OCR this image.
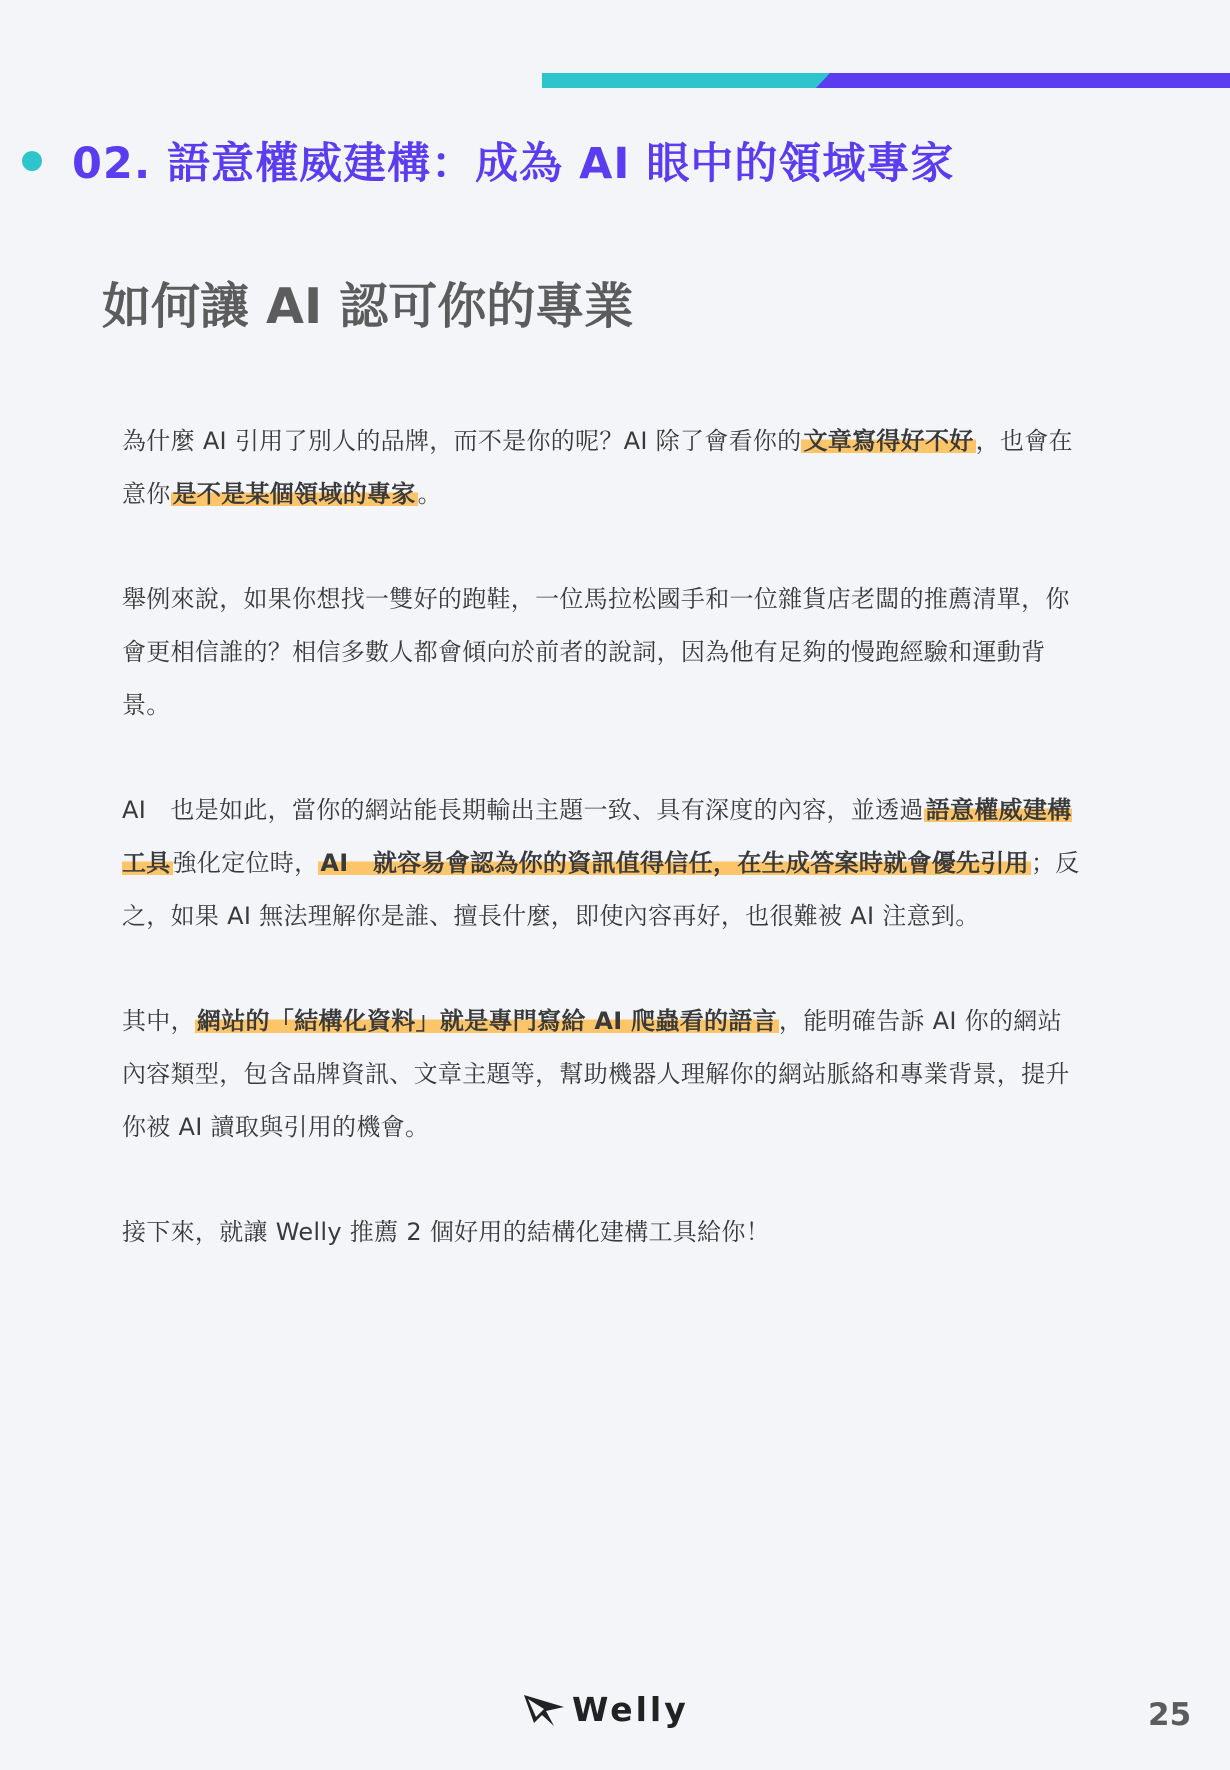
02. 語意權威建構：成為 AI 眼中的領域專家
如何讓 AI 認可你的專業

為什麼 AI 引用了別人的品牌，而不是你的呢？AI 除了會看你的文章寫得好不好，也會在意你是不是某個領域的專家。

舉例來說，如果你想找一雙好的跑鞋，一位馬拉松國手和一位雜貨店老闆的推薦清單，你會更相信誰的？相信多數人都會傾向於前者的說詞，因為他有足夠的慢跑經驗和運動背景。

AI　也是如此，當你的網站能長期輸出主題一致、具有深度的內容，並透過語意權威建構工具強化定位時，AI　就容易會認為你的資訊值得信任，在生成答案時就會優先引用；反之，如果 AI 無法理解你是誰、擅長什麼，即使內容再好，也很難被 AI 注意到。

其中，網站的「結構化資料」就是專門寫給 AI 爬蟲看的語言，能明確告訴 AI 你的網站內容類型，包含品牌資訊、文章主題等，幫助機器人理解你的網站脈絡和專業背景，提升你被 AI 讀取與引用的機會。

接下來，就讓 Welly 推薦 2 個好用的結構化建構工具給你！

Welly	25
